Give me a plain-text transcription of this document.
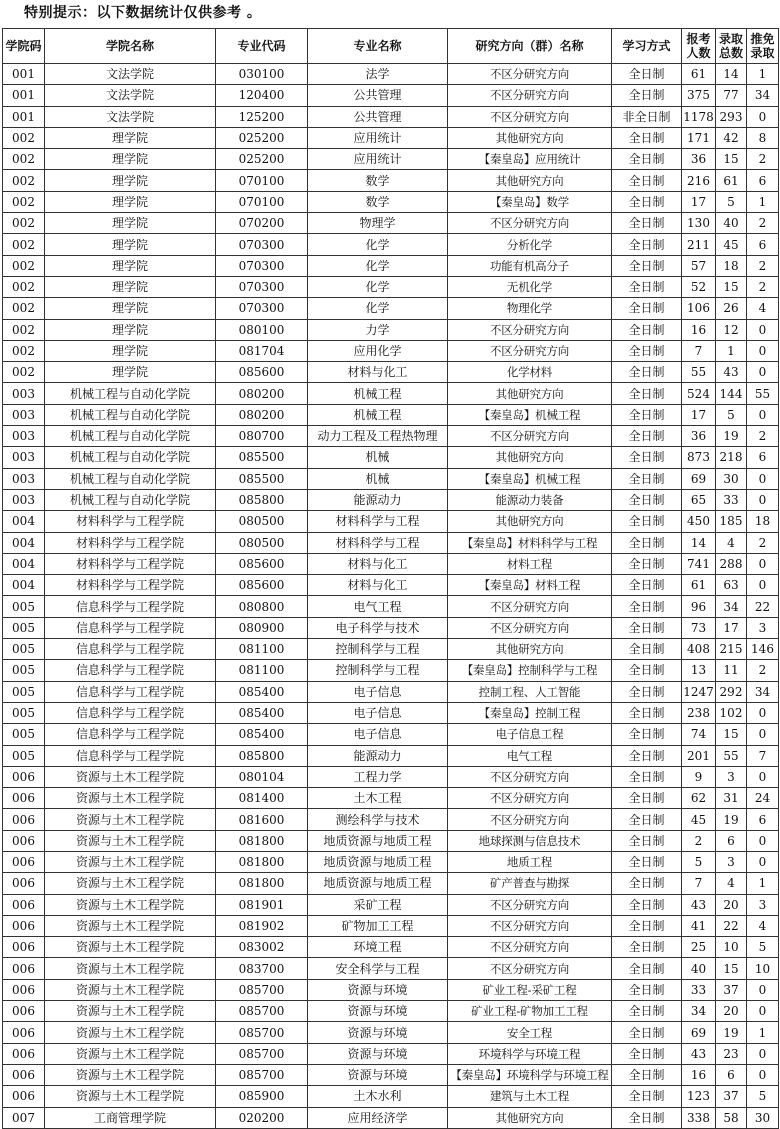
特别提示：以下数据统计仅供参考 。
学院码	学院名称	专业代码	专业名称	研究方向（群）名称	学习方式	报考人数	录取总数	推免录取
001	文法学院	030100	法学	不区分研究方向	全日制	61	14	1
001	文法学院	120400	公共管理	不区分研究方向	全日制	375	77	34
001	文法学院	125200	公共管理	不区分研究方向	非全日制	1178	293	0
002	理学院	025200	应用统计	其他研究方向	全日制	171	42	8
002	理学院	025200	应用统计	【秦皇岛】应用统计	全日制	36	15	2
002	理学院	070100	数学	其他研究方向	全日制	216	61	6
002	理学院	070100	数学	【秦皇岛】数学	全日制	17	5	1
002	理学院	070200	物理学	不区分研究方向	全日制	130	40	2
002	理学院	070300	化学	分析化学	全日制	211	45	6
002	理学院	070300	化学	功能有机高分子	全日制	57	18	2
002	理学院	070300	化学	无机化学	全日制	52	15	2
002	理学院	070300	化学	物理化学	全日制	106	26	4
002	理学院	080100	力学	不区分研究方向	全日制	16	12	0
002	理学院	081704	应用化学	不区分研究方向	全日制	7	1	0
002	理学院	085600	材料与化工	化学材料	全日制	55	43	0
003	机械工程与自动化学院	080200	机械工程	其他研究方向	全日制	524	144	55
003	机械工程与自动化学院	080200	机械工程	【秦皇岛】机械工程	全日制	17	5	0
003	机械工程与自动化学院	080700	动力工程及工程热物理	不区分研究方向	全日制	36	19	2
003	机械工程与自动化学院	085500	机械	其他研究方向	全日制	873	218	6
003	机械工程与自动化学院	085500	机械	【秦皇岛】机械工程	全日制	69	30	0
003	机械工程与自动化学院	085800	能源动力	能源动力装备	全日制	65	33	0
004	材料科学与工程学院	080500	材料科学与工程	其他研究方向	全日制	450	185	18
004	材料科学与工程学院	080500	材料科学与工程	【秦皇岛】材料科学与工程	全日制	14	4	2
004	材料科学与工程学院	085600	材料与化工	材料工程	全日制	741	288	0
004	材料科学与工程学院	085600	材料与化工	【秦皇岛】材料工程	全日制	61	63	0
005	信息科学与工程学院	080800	电气工程	不区分研究方向	全日制	96	34	22
005	信息科学与工程学院	080900	电子科学与技术	不区分研究方向	全日制	73	17	3
005	信息科学与工程学院	081100	控制科学与工程	其他研究方向	全日制	408	215	146
005	信息科学与工程学院	081100	控制科学与工程	【秦皇岛】控制科学与工程	全日制	13	11	2
005	信息科学与工程学院	085400	电子信息	控制工程、人工智能	全日制	1247	292	34
005	信息科学与工程学院	085400	电子信息	【秦皇岛】控制工程	全日制	238	102	0
005	信息科学与工程学院	085400	电子信息	电子信息工程	全日制	74	15	0
005	信息科学与工程学院	085800	能源动力	电气工程	全日制	201	55	7
006	资源与土木工程学院	080104	工程力学	不区分研究方向	全日制	9	3	0
006	资源与土木工程学院	081400	土木工程	不区分研究方向	全日制	62	31	24
006	资源与土木工程学院	081600	测绘科学与技术	不区分研究方向	全日制	45	19	6
006	资源与土木工程学院	081800	地质资源与地质工程	地球探测与信息技术	全日制	2	6	0
006	资源与土木工程学院	081800	地质资源与地质工程	地质工程	全日制	5	3	0
006	资源与土木工程学院	081800	地质资源与地质工程	矿产普查与勘探	全日制	7	4	1
006	资源与土木工程学院	081901	采矿工程	不区分研究方向	全日制	43	20	3
006	资源与土木工程学院	081902	矿物加工工程	不区分研究方向	全日制	41	22	4
006	资源与土木工程学院	083002	环境工程	不区分研究方向	全日制	25	10	5
006	资源与土木工程学院	083700	安全科学与工程	不区分研究方向	全日制	40	15	10
006	资源与土木工程学院	085700	资源与环境	矿业工程-采矿工程	全日制	33	37	0
006	资源与土木工程学院	085700	资源与环境	矿业工程-矿物加工工程	全日制	34	20	0
006	资源与土木工程学院	085700	资源与环境	安全工程	全日制	69	19	1
006	资源与土木工程学院	085700	资源与环境	环境科学与环境工程	全日制	43	23	0
006	资源与土木工程学院	085700	资源与环境	【秦皇岛】环境科学与环境工程	全日制	16	6	0
006	资源与土木工程学院	085900	土木水利	建筑与土木工程	全日制	123	37	5
007	工商管理学院	020200	应用经济学	其他研究方向	全日制	338	58	30
